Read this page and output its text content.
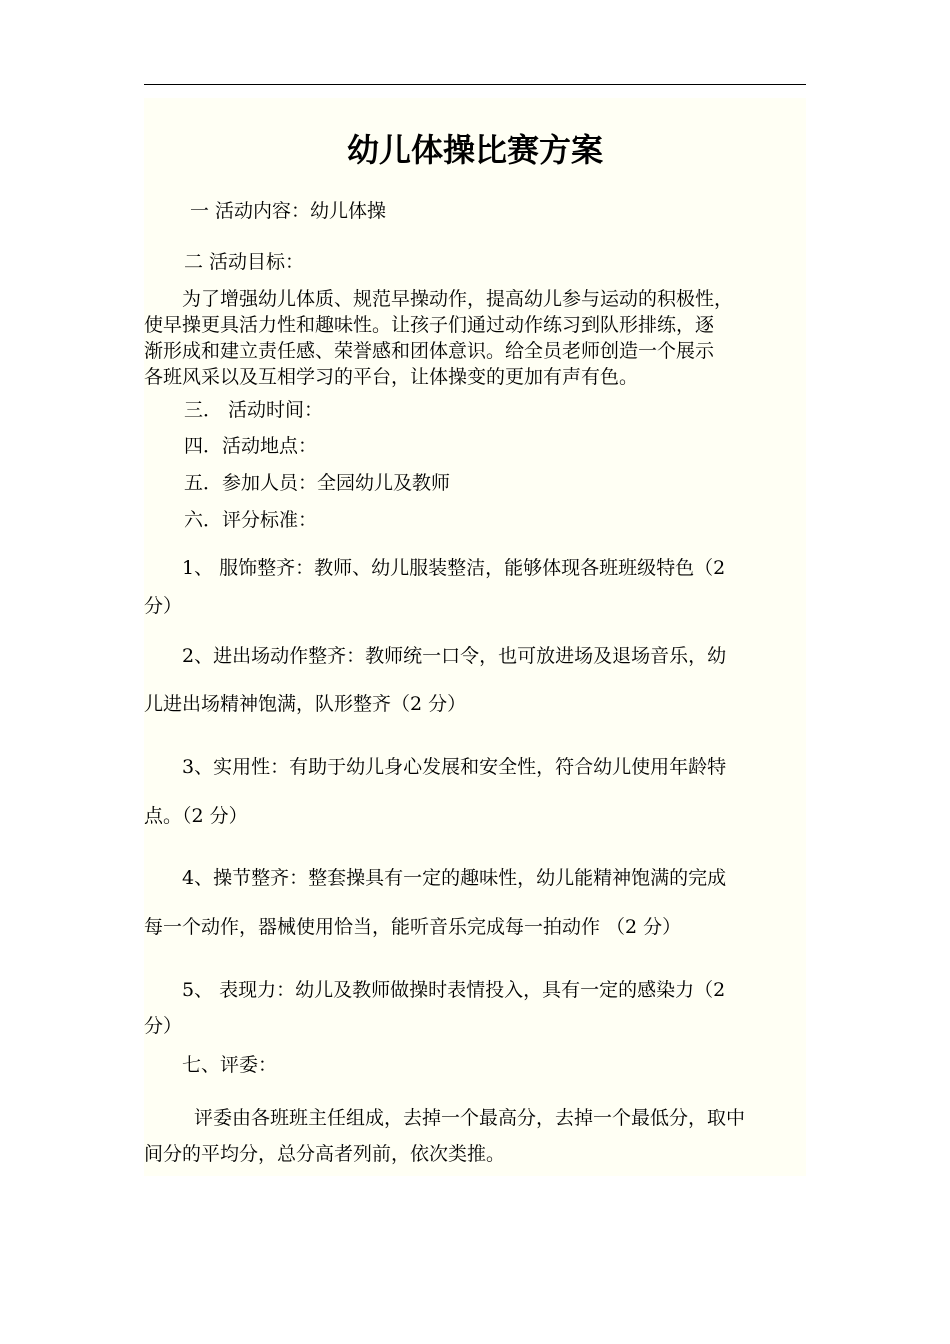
幼儿体操比赛方案

一 活动内容：幼儿体操

二 活动目标：

为了增强幼儿体质、规范早操动作，提高幼儿参与运动的积极性，
使早操更具活力性和趣味性。让孩子们通过动作练习到队形排练，逐
渐形成和建立责任感、荣誉感和团体意识。给全员老师创造一个展示
各班风采以及互相学习的平台，让体操变的更加有声有色。

三． 活动时间：

四．活动地点：

五．参加人员：全园幼儿及教师

六．评分标准：

1、 服饰整齐：教师、幼儿服装整洁，能够体现各班班级特色（2

分）

2、进出场动作整齐：教师统一口令，也可放进场及退场音乐，幼

儿进出场精神饱满，队形整齐（2 分）

3、实用性：有助于幼儿身心发展和安全性，符合幼儿使用年龄特

点。（2 分）

4、操节整齐：整套操具有一定的趣味性，幼儿能精神饱满的完成

每一个动作，器械使用恰当，能听音乐完成每一拍动作 （2 分）

5、 表现力：幼儿及教师做操时表情投入，具有一定的感染力（2

分）

七、评委：

评委由各班班主任组成，去掉一个最高分，去掉一个最低分，取中
间分的平均分，总分高者列前，依次类推。
